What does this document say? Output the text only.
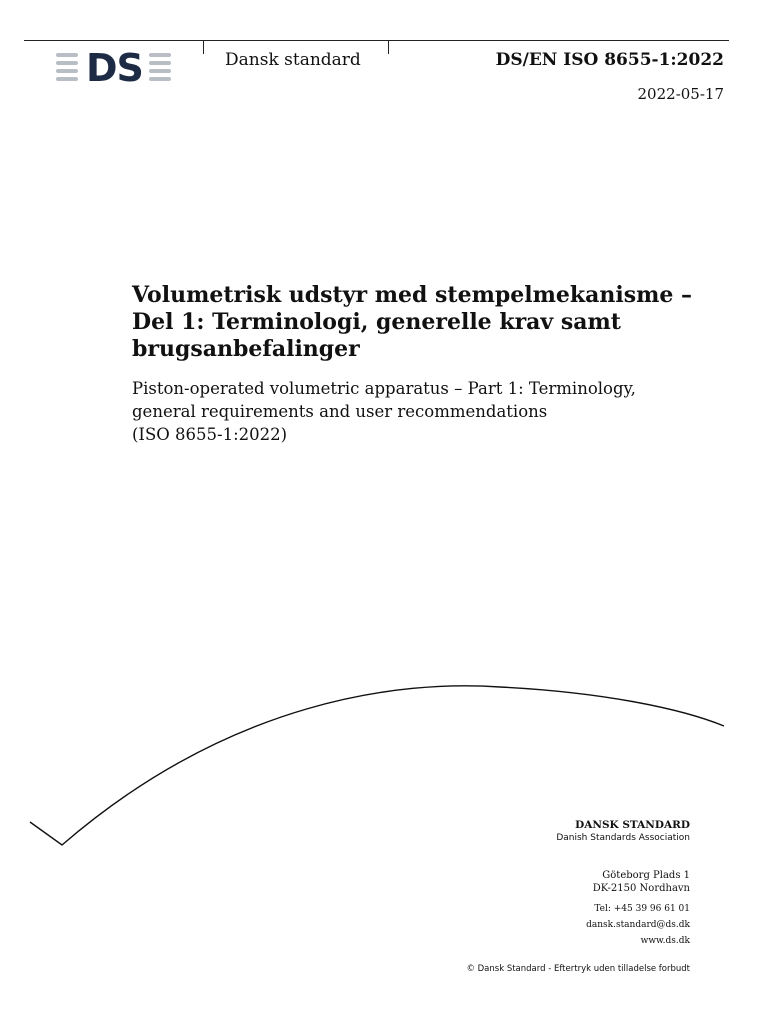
DS	Dansk standard	DS/EN ISO 8655-1:2022
2022-05-17
Volumetrisk udstyr med stempelmekanisme – Del 1: Terminologi, generelle krav samt brugsanbefalinger

Piston-operated volumetric apparatus – Part 1: Terminology,
general requirements and user recommendations
(ISO 8655-1:2022)

DANSK STANDARD
Danish Standards Association
Göteborg Plads 1
DK-2150 Nordhavn
Tel: +45 39 96 61 01
dansk.standard@ds.dk
www.ds.dk
© Dansk Standard - Eftertryk uden tilladelse forbudt
